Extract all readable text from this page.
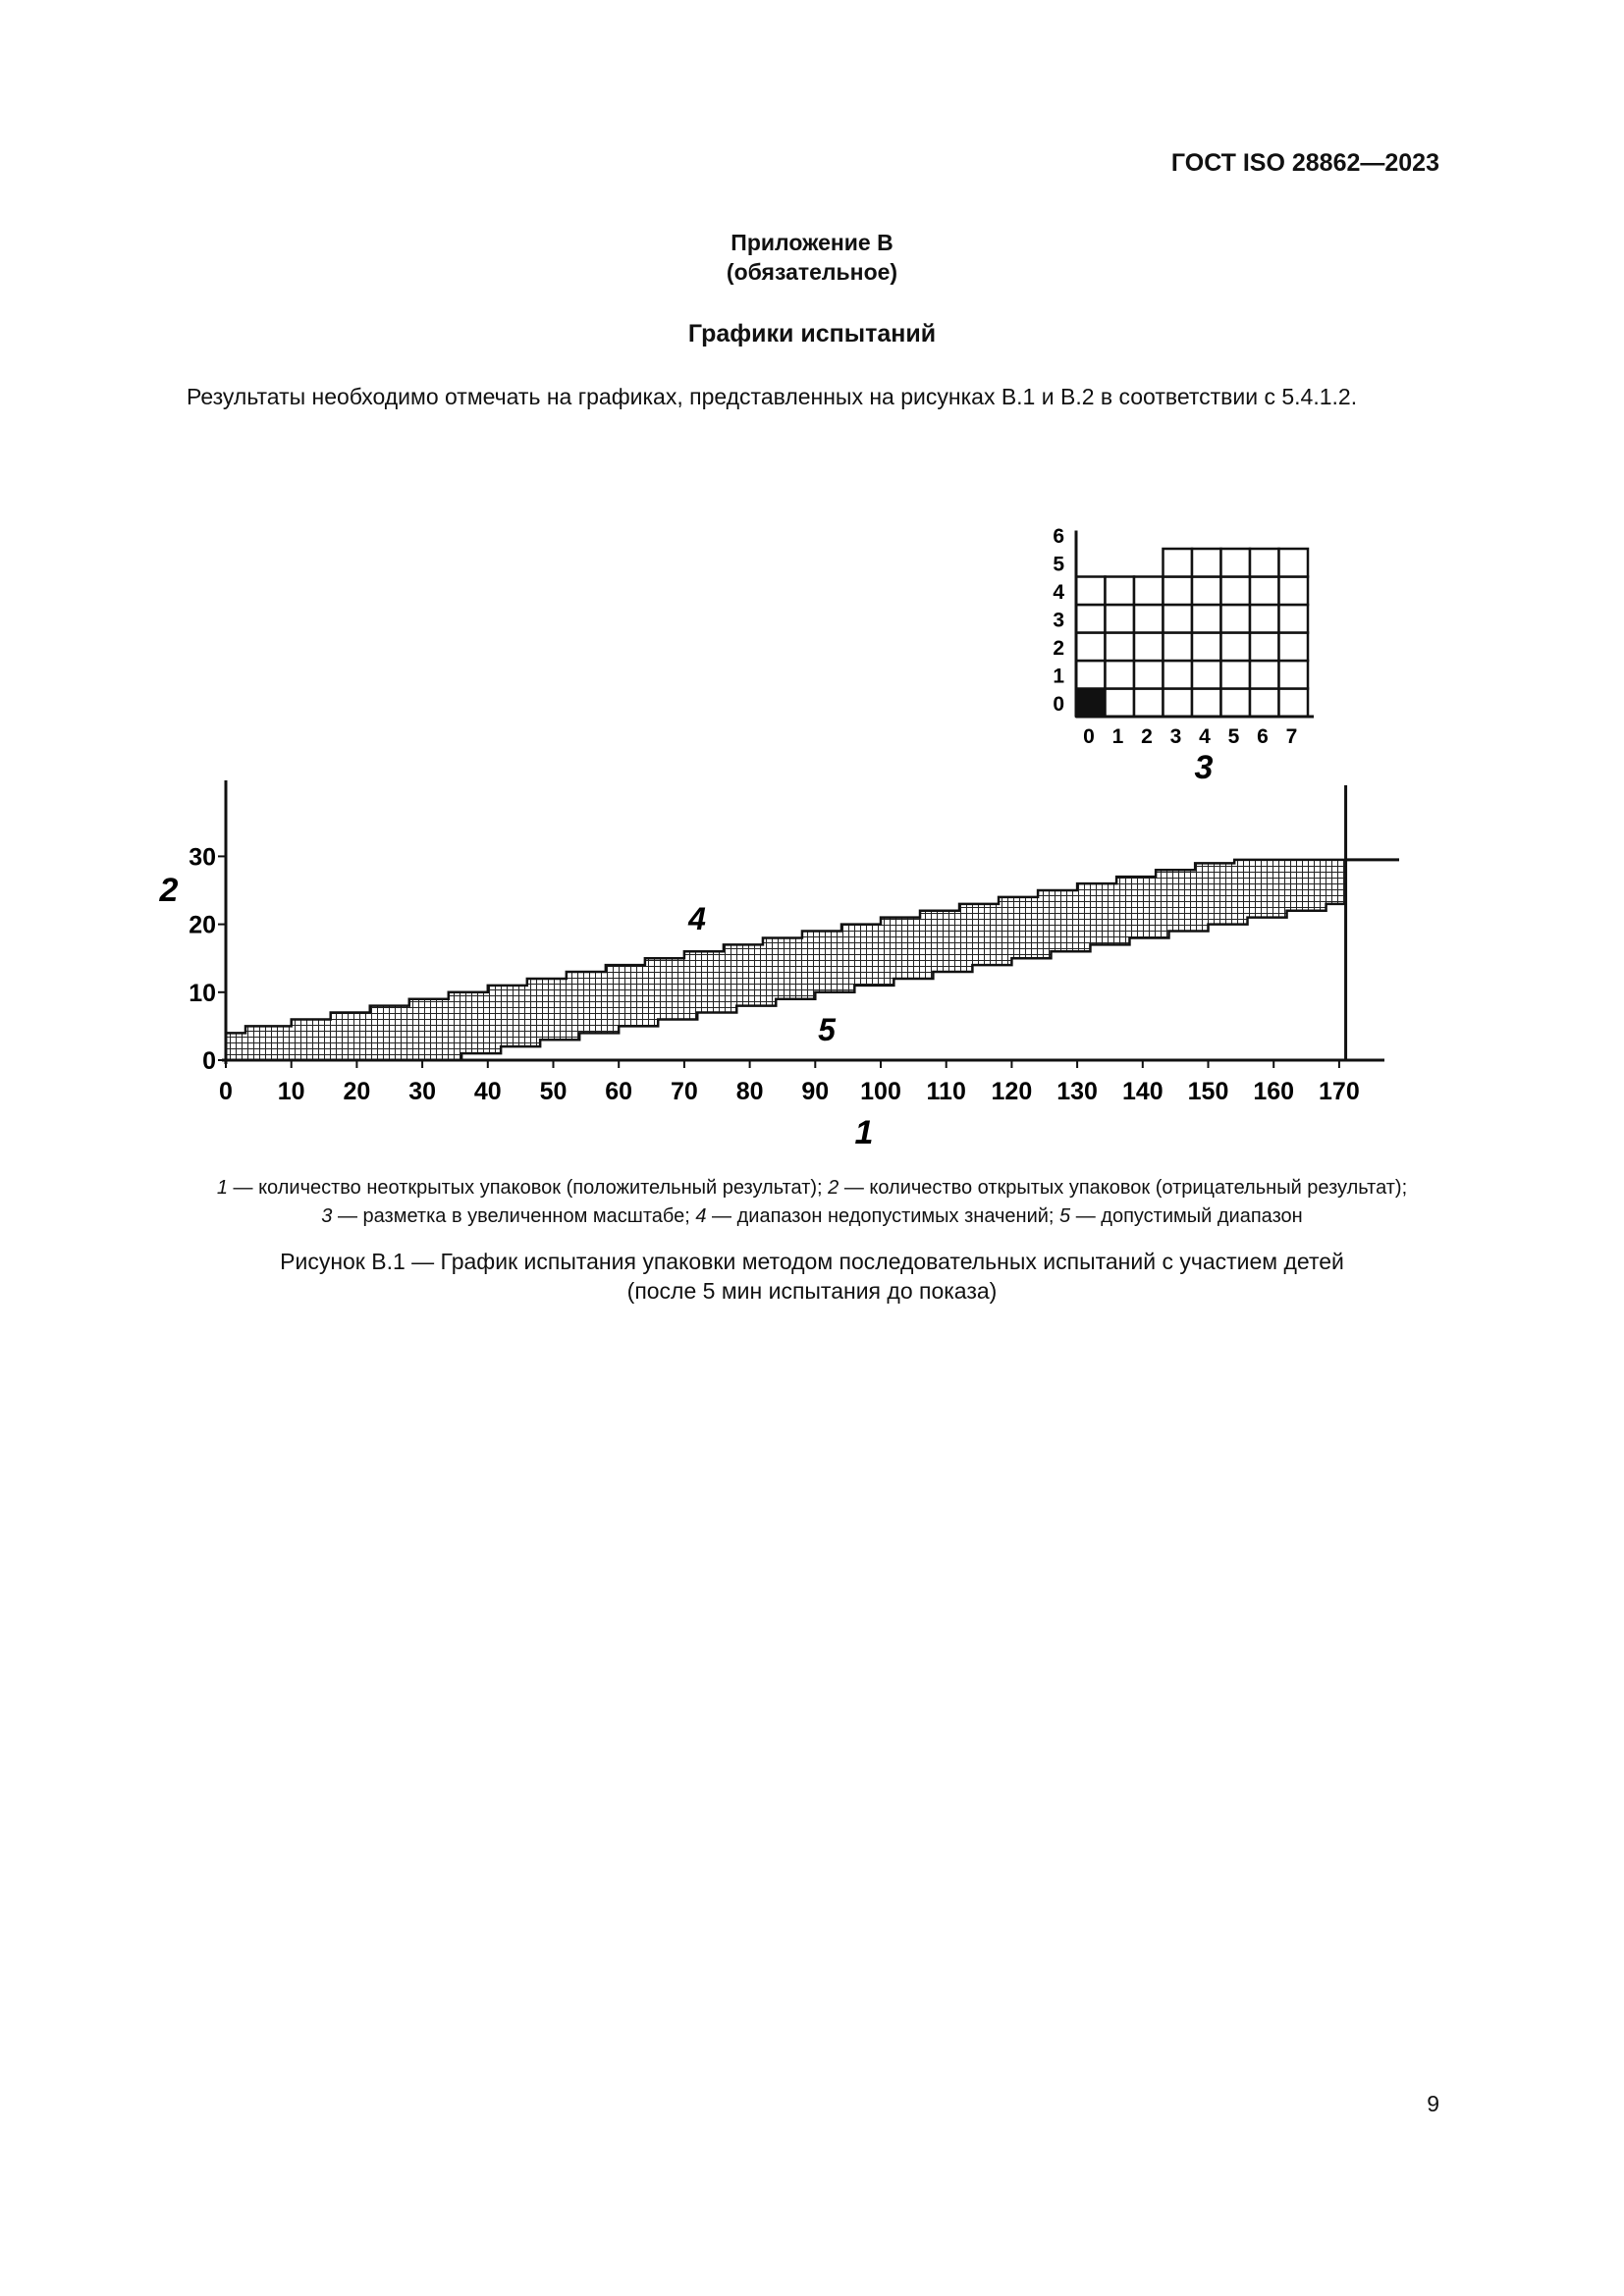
ГОСТ ISO 28862—2023
Приложение В
(обязательное)
Графики испытаний
Результаты необходимо отмечать на графиках, представленных на рисунках В.1 и В.2 в соответствии с 5.4.1.2.
0 10 20 30 40 50 60 70 80 90 100 110 120 130 140 150 160 170
0
10
20
30
1
2
4
5
0 1 2 3 4 5 6 7
0
1
2
3
4
5
6
3
1 — количество неоткрытых упаковок (положительный результат); 2 — количество открытых упаковок (отрицательный результат);
3 — разметка в увеличенном масштабе; 4 — диапазон недопустимых значений; 5 — допустимый диапазон
Рисунок В.1 — График испытания упаковки методом последовательных испытаний с участием детей
(после 5 мин испытания до показа)
9
